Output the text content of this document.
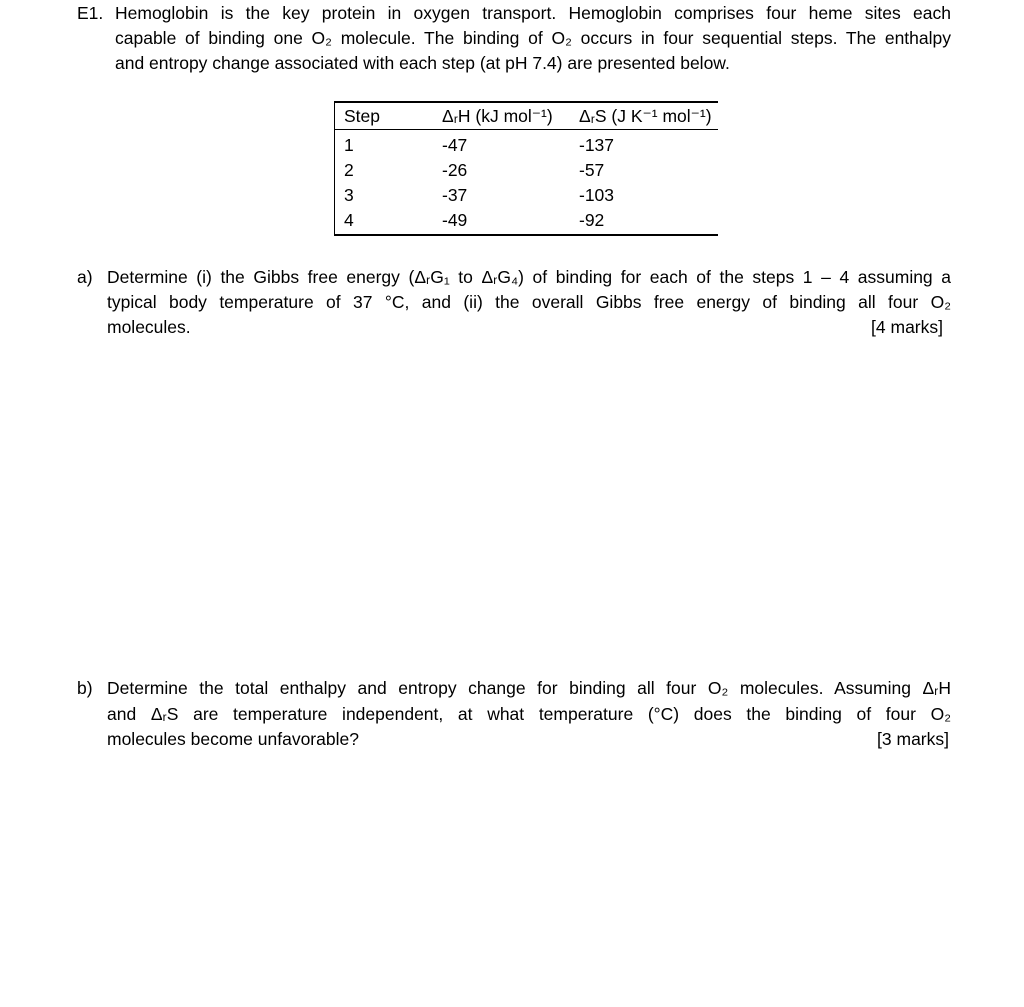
E1. Hemoglobin is the key protein in oxygen transport. Hemoglobin comprises four heme sites each
capable of binding one O₂ molecule. The binding of O₂ occurs in four sequential steps. The enthalpy
and entropy change associated with each step (at pH 7.4) are presented below.
Step	ΔᵣH (kJ mol⁻¹) ΔᵣS (J K⁻¹ mol⁻¹)
1	-47	-137
2	-26	-57
3	-37	-103
4	-49	-92
a) Determine (i) the Gibbs free energy (ΔᵣG₁ to ΔᵣG₄) of binding for each of the steps 1 – 4 assuming a
typical body temperature of 37 °C, and (ii) the overall Gibbs free energy of binding all four O₂
molecules.	[4 marks]
b) Determine the total enthalpy and entropy change for binding all four O₂ molecules. Assuming ΔᵣH
and ΔᵣS are temperature independent, at what temperature (°C) does the binding of four O₂
molecules become unfavorable?	[3 marks]
